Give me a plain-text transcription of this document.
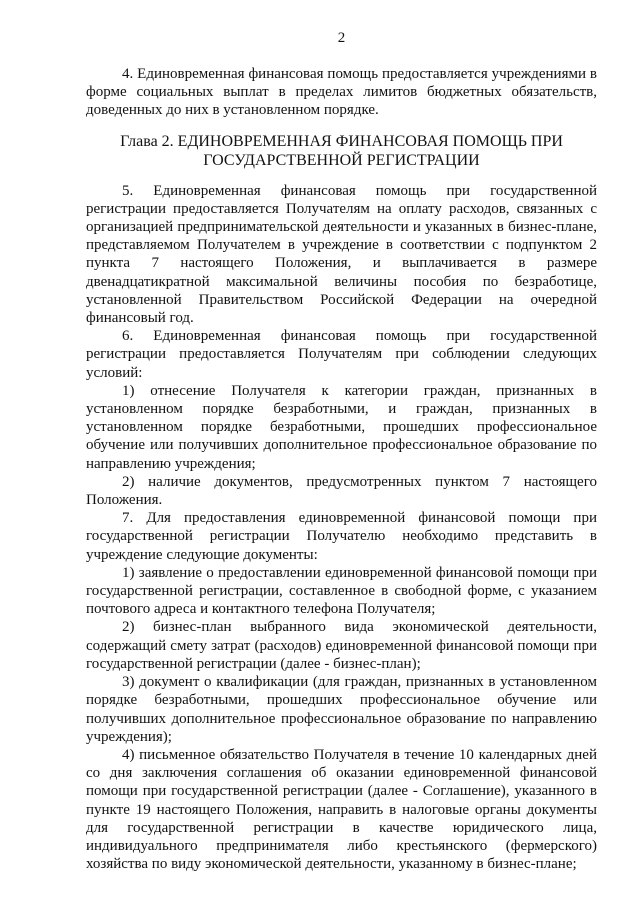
2

4. Единовременная финансовая помощь предоставляется учреждениями в форме социальных выплат в пределах лимитов бюджетных обязательств, доведенных до них в установленном порядке.

Глава 2. ЕДИНОВРЕМЕННАЯ ФИНАНСОВАЯ ПОМОЩЬ ПРИ
ГОСУДАРСТВЕННОЙ РЕГИСТРАЦИИ

5. Единовременная финансовая помощь при государственной регистрации предоставляется Получателям на оплату расходов, связанных с организацией предпринимательской деятельности и указанных в бизнес-плане, представляемом Получателем в учреждение в соответствии с подпунктом 2 пункта 7 настоящего Положения, и выплачивается в размере двенадцатикратной максимальной величины пособия по безработице, установленной Правительством Российской Федерации на очередной финансовый год.

6. Единовременная финансовая помощь при государственной регистрации предоставляется Получателям при соблюдении следующих условий:

1) отнесение Получателя к категории граждан, признанных в установленном порядке безработными, и граждан, признанных в установленном порядке безработными, прошедших профессиональное обучение или получивших дополнительное профессиональное образование по направлению учреждения;

2) наличие документов, предусмотренных пунктом 7 настоящего Положения.

7. Для предоставления единовременной финансовой помощи при государственной регистрации Получателю необходимо представить в учреждение следующие документы:

1) заявление о предоставлении единовременной финансовой помощи при государственной регистрации, составленное в свободной форме, с указанием почтового адреса и контактного телефона Получателя;

2) бизнес-план выбранного вида экономической деятельности, содержащий смету затрат (расходов) единовременной финансовой помощи при государственной регистрации (далее - бизнес-план);

3) документ о квалификации (для граждан, признанных в установленном порядке безработными, прошедших профессиональное обучение или получивших дополнительное профессиональное образование по направлению учреждения);

4) письменное обязательство Получателя в течение 10 календарных дней со дня заключения соглашения об оказании единовременной финансовой помощи при государственной регистрации (далее - Соглашение), указанного в пункте 19 настоящего Положения, направить в налоговые органы документы для государственной регистрации в качестве юридического лица, индивидуального предпринимателя либо крестьянского (фермерского) хозяйства по виду экономической деятельности, указанному в бизнес-плане;
